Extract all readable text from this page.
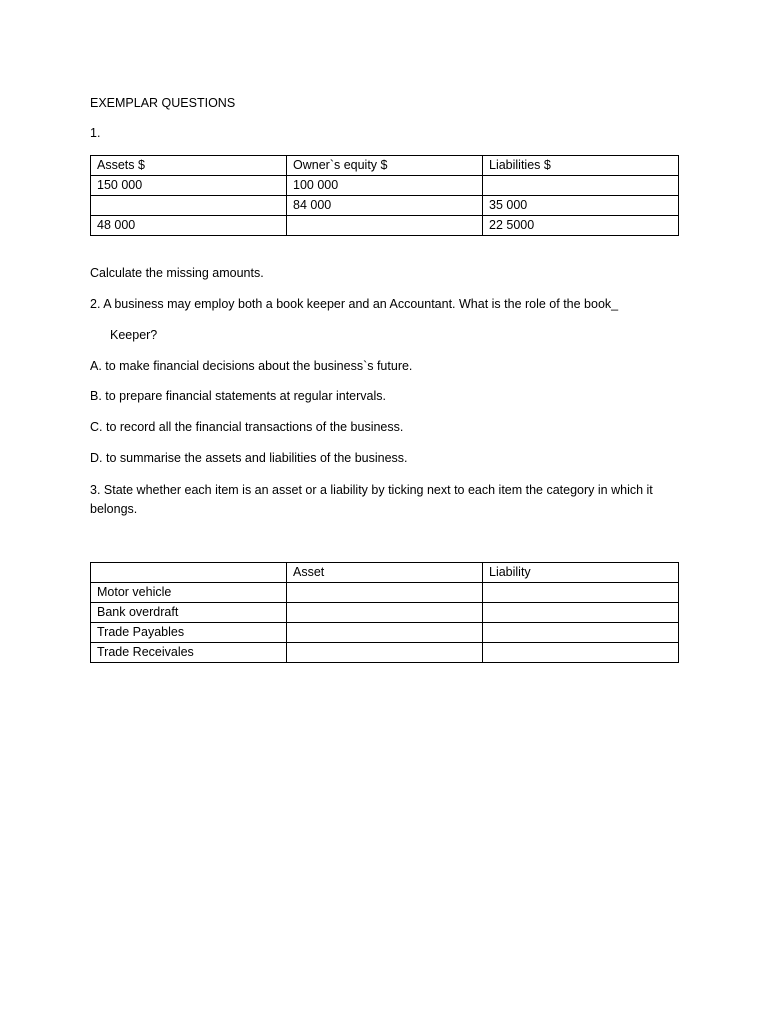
EXEMPLAR QUESTIONS
1.
Assets $	Owner`s equity $	Liabilities $
150 000	100 000	
	84 000	35 000
48 000		22 5000
Calculate the missing amounts.
2. A business may employ both a book keeper and an Accountant. What is the role of the book_
Keeper?
A. to make financial decisions about the business`s future.
B. to prepare financial statements at regular intervals.
C. to record all the financial transactions of the business.
D. to summarise the assets and liabilities of the business.
3. State whether each item is an asset or a liability by ticking next to each item the category in which it belongs.
	Asset	Liability
Motor vehicle		
Bank overdraft		
Trade Payables		
Trade Receivales		
